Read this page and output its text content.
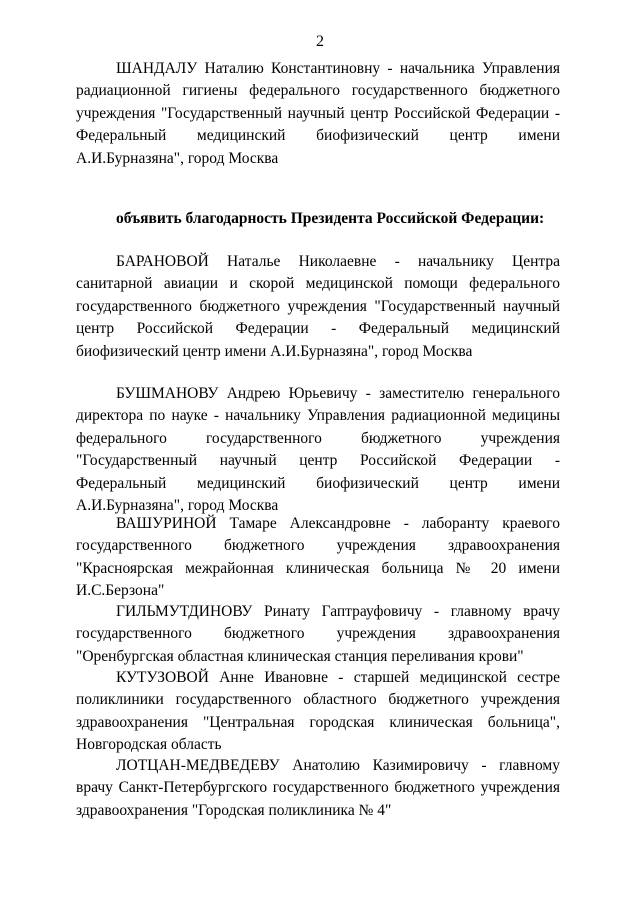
2
ШАНДАЛУ Наталию Константиновну - начальника Управления радиационной гигиены федерального государственного бюджетного учреждения "Государственный научный центр Российской Федерации - Федеральный медицинский биофизический центр имени А.И.Бурназяна", город Москва
объявить благодарность Президента Российской Федерации:
БАРАНОВОЙ Наталье Николаевне - начальнику Центра санитарной авиации и скорой медицинской помощи федерального государственного бюджетного учреждения "Государственный научный центр Российской Федерации - Федеральный медицинский биофизический центр имени А.И.Бурназяна", город Москва
БУШМАНОВУ Андрею Юрьевичу - заместителю генерального директора по науке - начальнику Управления радиационной медицины федерального государственного бюджетного учреждения "Государственный научный центр Российской Федерации - Федеральный медицинский биофизический центр имени А.И.Бурназяна", город Москва
ВАШУРИНОЙ Тамаре Александровне - лаборанту краевого государственного бюджетного учреждения здравоохранения "Красноярская межрайонная клиническая больница № 20 имени И.С.Берзона"
ГИЛЬМУТДИНОВУ Ринату Гаптрауфовичу - главному врачу государственного бюджетного учреждения здравоохранения "Оренбургская областная клиническая станция переливания крови"
КУТУЗОВОЙ Анне Ивановне - старшей медицинской сестре поликлиники государственного областного бюджетного учреждения здравоохранения "Центральная городская клиническая больница", Новгородская область
ЛОТЦАН-МЕДВЕДЕВУ Анатолию Казимировичу - главному врачу Санкт-Петербургского государственного бюджетного учреждения здравоохранения "Городская поликлиника № 4"
